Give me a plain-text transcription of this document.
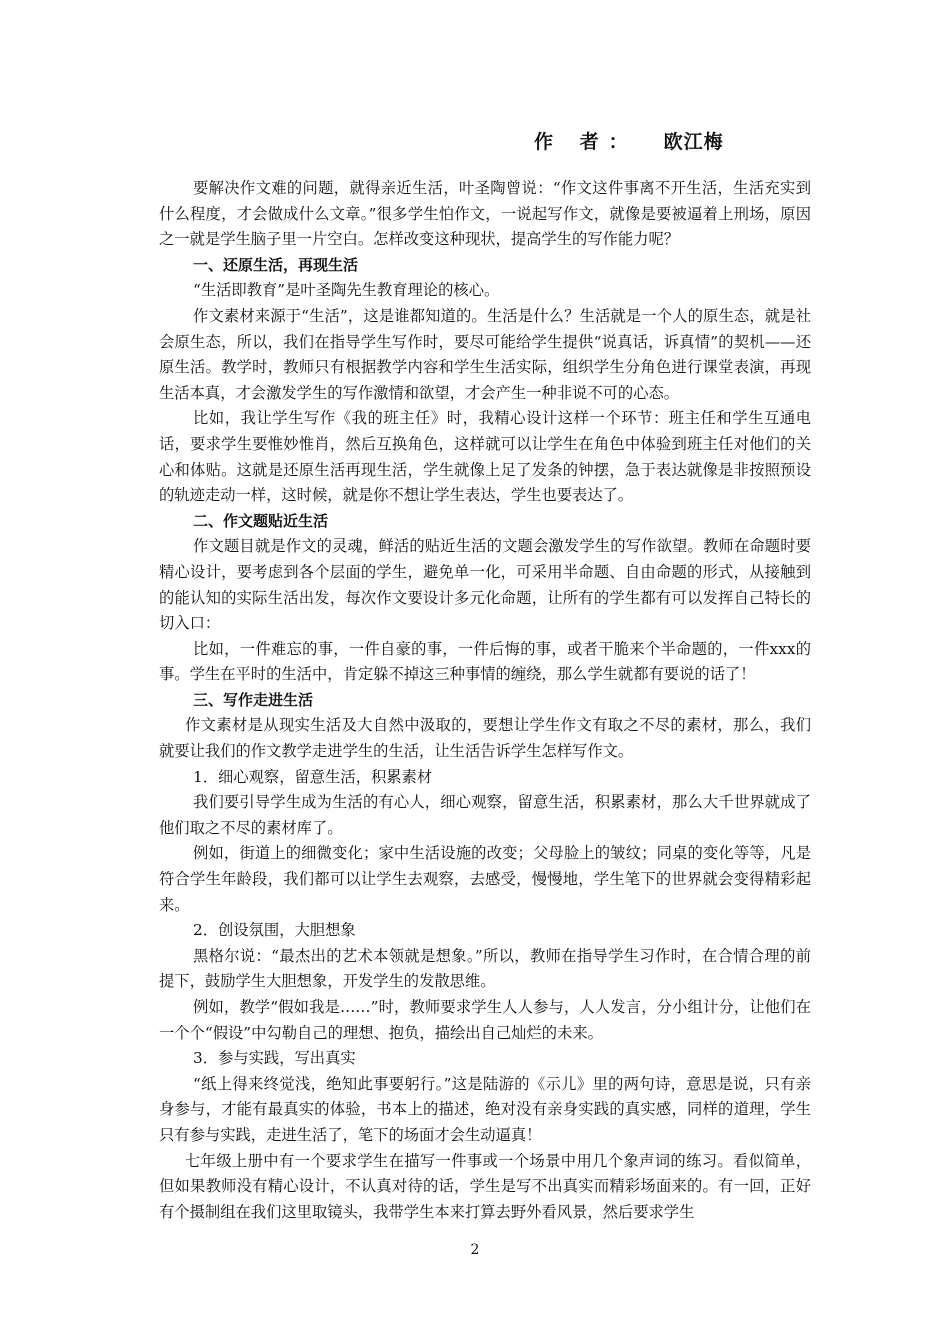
作 者： 欧江梅

要解决作文难的问题，就得亲近生活，叶圣陶曾说：“作文这件事离不开生活，生活充实到什么程度，才会做成什么文章。”很多学生怕作文，一说起写作文，就像是要被逼着上刑场，原因之一就是学生脑子里一片空白。怎样改变这种现状，提高学生的写作能力呢？

一、还原生活，再现生活

“生活即教育”是叶圣陶先生教育理论的核心。

作文素材来源于“生活”，这是谁都知道的。生活是什么？生活就是一个人的原生态，就是社会原生态，所以，我们在指导学生写作时，要尽可能给学生提供“说真话，诉真情”的契机——还原生活。教学时，教师只有根据教学内容和学生生活实际，组织学生分角色进行课堂表演，再现生活本真，才会激发学生的写作激情和欲望，才会产生一种非说不可的心态。

比如，我让学生写作《我的班主任》时，我精心设计这样一个环节：班主任和学生互通电话，要求学生要惟妙惟肖，然后互换角色，这样就可以让学生在角色中体验到班主任对他们的关心和体贴。这就是还原生活再现生活，学生就像上足了发条的钟摆，急于表达就像是非按照预设的轨迹走动一样，这时候，就是你不想让学生表达，学生也要表达了。

二、作文题贴近生活

作文题目就是作文的灵魂，鲜活的贴近生活的文题会激发学生的写作欲望。教师在命题时要精心设计，要考虑到各个层面的学生，避免单一化，可采用半命题、自由命题的形式，从接触到的能认知的实际生活出发，每次作文要设计多元化命题，让所有的学生都有可以发挥自己特长的切入口：

比如，一件难忘的事，一件自豪的事，一件后悔的事，或者干脆来个半命题的，一件xxx的事。学生在平时的生活中，肯定躲不掉这三种事情的缠绕，那么学生就都有要说的话了！

三、写作走进生活

作文素材是从现实生活及大自然中汲取的，要想让学生作文有取之不尽的素材，那么，我们就要让我们的作文教学走进学生的生活，让生活告诉学生怎样写作文。

1．细心观察，留意生活，积累素材

我们要引导学生成为生活的有心人，细心观察，留意生活，积累素材，那么大千世界就成了他们取之不尽的素材库了。

例如，街道上的细微变化；家中生活设施的改变；父母脸上的皱纹；同桌的变化等等，凡是符合学生年龄段，我们都可以让学生去观察，去感受，慢慢地，学生笔下的世界就会变得精彩起来。

2．创设氛围，大胆想象

黑格尔说：“最杰出的艺术本领就是想象。”所以，教师在指导学生习作时，在合情合理的前提下，鼓励学生大胆想象，开发学生的发散思维。

例如，教学“假如我是……”时，教师要求学生人人参与，人人发言，分小组计分，让他们在一个个“假设”中勾勒自己的理想、抱负，描绘出自己灿烂的未来。

3．参与实践，写出真实

“纸上得来终觉浅，绝知此事要躬行。”这是陆游的《示儿》里的两句诗，意思是说，只有亲身参与，才能有最真实的体验，书本上的描述，绝对没有亲身实践的真实感，同样的道理，学生只有参与实践，走进生活了，笔下的场面才会生动逼真！

七年级上册中有一个要求学生在描写一件事或一个场景中用几个象声词的练习。看似简单，但如果教师没有精心设计，不认真对待的话，学生是写不出真实而精彩场面来的。有一回，正好有个摄制组在我们这里取镜头，我带学生本来打算去野外看风景，然后要求学生

2
